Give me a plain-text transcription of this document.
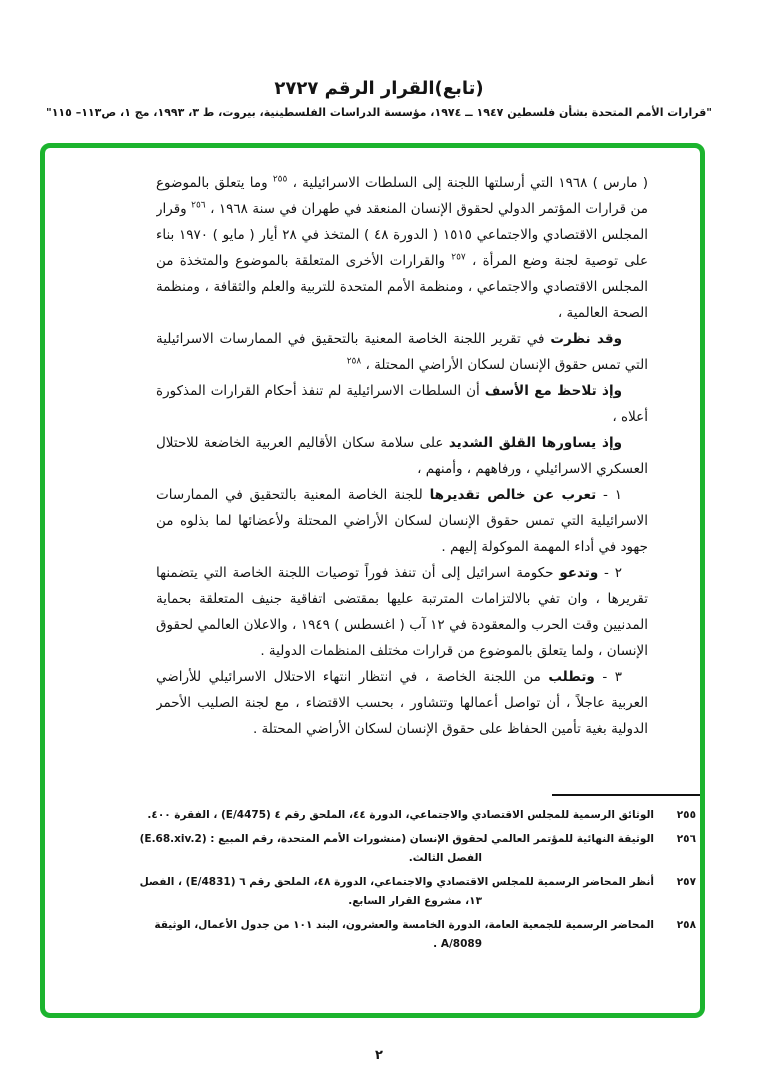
(تابع)القرار الرقم ٢٧٢٧
"قرارات الأمم المتحدة بشأن فلسطين ١٩٤٧ ــ ١٩٧٤، مؤسسة الدراسات الفلسطينية، بيروت، ط ٣، ١٩٩٣، مج ١، ص١١٣– ١١٥"

( مارس ) ١٩٦٨ التي أرسلتها اللجنة إلى السلطات الاسرائيلية ، $^{٢٥٥}$ وما يتعلق بالموضوع من قرارات المؤتمر الدولي لحقوق الإنسان المنعقد في طهران في سنة ١٩٦٨ ، $^{٢٥٦}$ وقرار المجلس الاقتصادي والاجتماعي ١٥١٥ ( الدورة ٤٨ ) المتخذ في ٢٨ أيار ( مايو ) ١٩٧٠ بناء على توصية لجنة وضع المرأة ، $^{٢٥٧}$ والقرارات الأخرى المتعلقة بالموضوع والمتخذة من المجلس الاقتصادي والاجتماعي ، ومنظمة الأمم المتحدة للتربية والعلم والثقافة ، ومنظمة الصحة العالمية ،

وقد نظرت في تقرير اللجنة الخاصة المعنية بالتحقيق في الممارسات الاسرائيلية التي تمس حقوق الإنسان لسكان الأراضي المحتلة ، $^{٢٥٨}$

وإذ تلاحظ مع الأسف أن السلطات الاسرائيلية لم تنفذ أحكام القرارات المذكورة أعلاه ،

وإذ يساورها القلق الشديد على سلامة سكان الأقاليم العربية الخاضعة للاحتلال العسكري الاسرائيلي ، ورفاههم ، وأمنهم ،

١ - تعرب عن خالص تقديرها للجنة الخاصة المعنية بالتحقيق في الممارسات الاسرائيلية التي تمس حقوق الإنسان لسكان الأراضي المحتلة ولأعضائها لما بذلوه من جهود في أداء المهمة الموكولة إليهم .

٢ - وتدعو حكومة اسرائيل إلى أن تنفذ فوراً توصيات اللجنة الخاصة التي يتضمنها تقريرها ، وان تفي بالالتزامات المترتبة عليها بمقتضى اتفاقية جنيف المتعلقة بحماية المدنيين وقت الحرب والمعقودة في ١٢ آب ( اغسطس ) ١٩٤٩ ، والاعلان العالمي لحقوق الإنسان ، ولما يتعلق بالموضوع من قرارات مختلف المنظمات الدولية .

٣ - وتطلب من اللجنة الخاصة ، في انتظار انتهاء الاحتلال الاسرائيلي للأراضي العربية عاجلاً ، أن تواصل أعمالها وتتشاور ، بحسب الاقتضاء ، مع لجنة الصليب الأحمر الدولية بغية تأمين الحفاظ على حقوق الإنسان لسكان الأراضي المحتلة .

٢٥٥
الوثائق الرسمية للمجلس الاقتصادي والاجتماعي، الدورة ٤٤، الملحق رقم ٤ (E/4475) ، الفقرة ٤٠٠.
٢٥٦
الوثيقة النهائية للمؤتمر العالمي لحقوق الإنسان (منشورات الأمم المتحدة، رقم المبيع : (E.68.xiv.2)
الفصل الثالث.
٢٥٧
أنظر المحاضر الرسمية للمجلس الاقتصادي والاجتماعي، الدورة ٤٨، الملحق رقم ٦ (E/4831) ، الفصل
١٣، مشروع القرار السابع.
٢٥٨
المحاضر الرسمية للجمعية العامة، الدورة الخامسة والعشرون، البند ١٠١ من جدول الأعمال، الوثيقة
A/8089 .
٢
